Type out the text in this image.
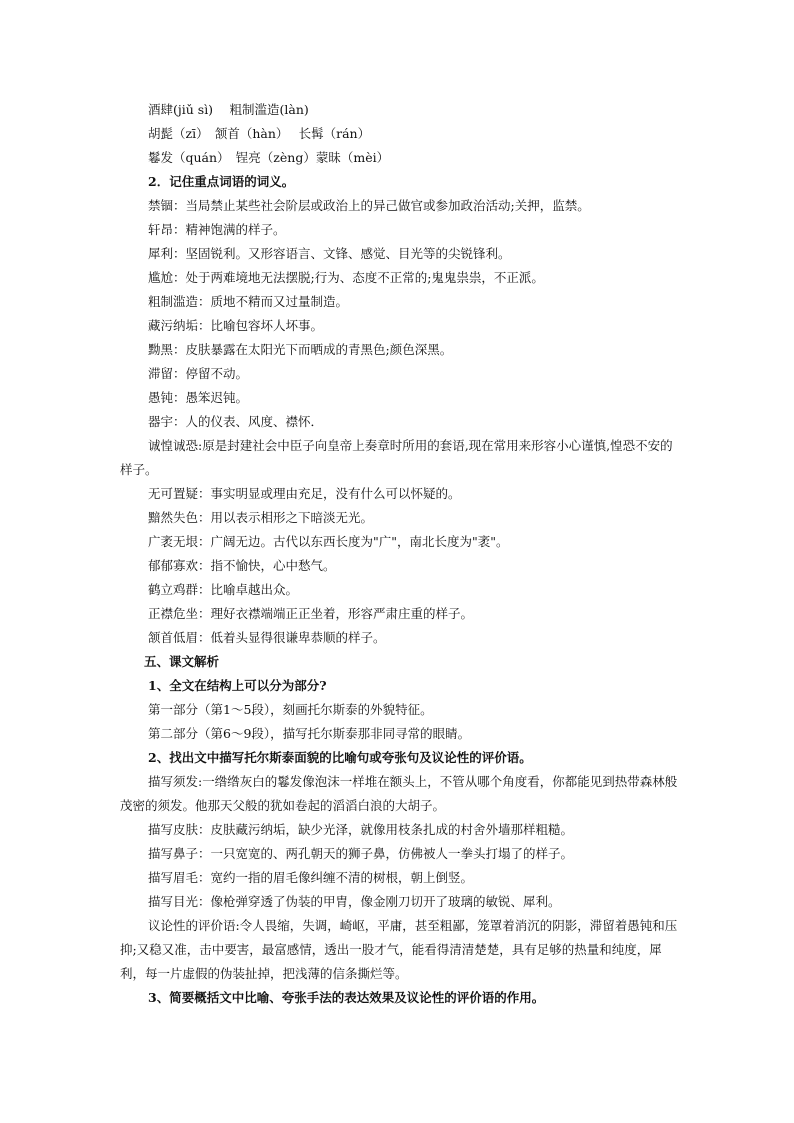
酒肆(jiǔ sì)　 粗制滥造(làn)
胡髭（zī）　颔首（hàn）　 长髯（rán）
鬈发（quán）　锃亮（zèng）蒙昧（mèi）
2．记住重点词语的词义。
禁锢：当局禁止某些社会阶层或政治上的异己做官或参加政治活动;关押，监禁。
轩昂：精神饱满的样子。
犀利：坚固锐利。又形容语言、文锋、感觉、目光等的尖锐锋利。
尴尬：处于两难境地无法摆脱;行为、态度不正常的;鬼鬼祟祟，不正派。
粗制滥造：质地不精而又过量制造。
藏污纳垢：比喻包容坏人坏事。
黝黑：皮肤暴露在太阳光下而晒成的青黑色;颜色深黑。
滞留：停留不动。
愚钝：愚笨迟钝。
器宇：人的仪表、风度、襟怀．
诚惶诚恐:原是封建社会中臣子向皇帝上奏章时所用的套语,现在常用来形容小心谨慎,惶恐不安的样子。
无可置疑：事实明显或理由充足，没有什么可以怀疑的。
黯然失色：用以表示相形之下暗淡无光。
广袤无垠：广阔无边。古代以东西长度为"广"，南北长度为"袤"。
郁郁寡欢：指不愉快，心中愁气。
鹤立鸡群：比喻卓越出众。
正襟危坐：理好衣襟端端正正坐着，形容严肃庄重的样子。
颔首低眉：低着头显得很谦卑恭顺的样子。
五、课文解析
1、全文在结构上可以分为部分?
第一部分（第1～5段），刻画托尔斯泰的外貌特征。
第二部分（第6～9段），描写托尔斯泰那非同寻常的眼睛。
2、找出文中描写托尔斯泰面貌的比喻句或夸张句及议论性的评价语。
描写须发:一绺绺灰白的鬈发像泡沫一样堆在额头上，不管从哪个角度看，你都能见到热带森林般茂密的须发。他那天父般的犹如卷起的滔滔白浪的大胡子。
描写皮肤：皮肤藏污纳垢，缺少光泽，就像用枝条扎成的村舍外墙那样粗糙。
描写鼻子：一只宽宽的、两孔朝天的狮子鼻，仿佛被人一拳头打塌了的样子。
描写眉毛：宽约一指的眉毛像纠缠不清的树根，朝上倒竖。
描写目光：像枪弹穿透了伪装的甲胄，像金刚刀切开了玻璃的敏锐、犀利。
议论性的评价语:令人畏缩，失调，崎岖，平庸，甚至粗鄙，笼罩着消沉的阴影，滞留着愚钝和压抑;又稳又准，击中要害，最富感情，透出一股才气，能看得清清楚楚，具有足够的热量和纯度，犀利，每一片虚假的伪装扯掉，把浅薄的信条撕烂等。
3、简要概括文中比喻、夸张手法的表达效果及议论性的评价语的作用。
